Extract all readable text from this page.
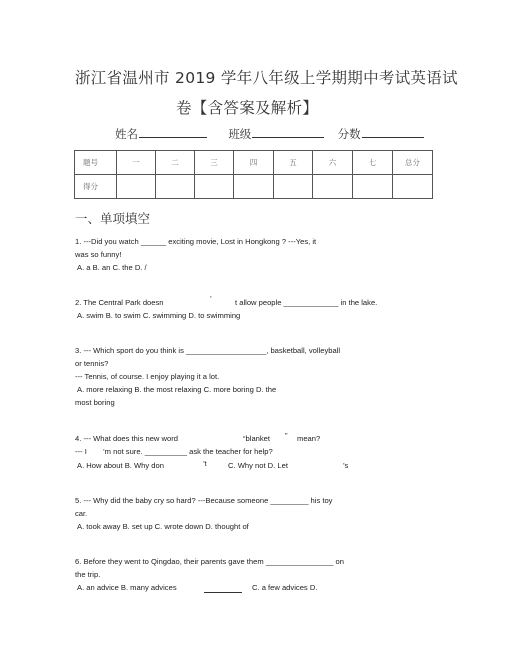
浙江省温州市 2019 学年八年级上学期期中考试英语试
卷【含答案及解析】
姓名	班级	分数
题号	一	二	三	四	五	六	七	总分
得分								
一、单项填空
1. ---Did you watch ______ exciting movie, Lost in Hongkong ? ---Yes, it
was so funny!
A. a B. an C. the D. /
2. The Central Park doesn	’	t allow people _____________ in the lake.
A. swim B. to swim C. swimming D. to swimming
3. --- Which sport do you think is ___________________, basketball, volleyball
or tennis?
--- Tennis, of course. I enjoy playing it a lot.
A. more relaxing B. the most relaxing C. more boring D. the
most boring
4. --- What does this new word	“blanket ” mean?
--- I ’m not sure. __________ ask the teacher for help?
A. How about B. Why don	’t	C. Why not D. Let	’s
5. --- Why did the baby cry so hard? ---Because someone _________ his toy
car.
A. took away B. set up C. wrote down D. thought of
6. Before they went to Qingdao, their parents gave them ________________ on
the trip.
A. an advice B. many advices	C. a few advices D.
